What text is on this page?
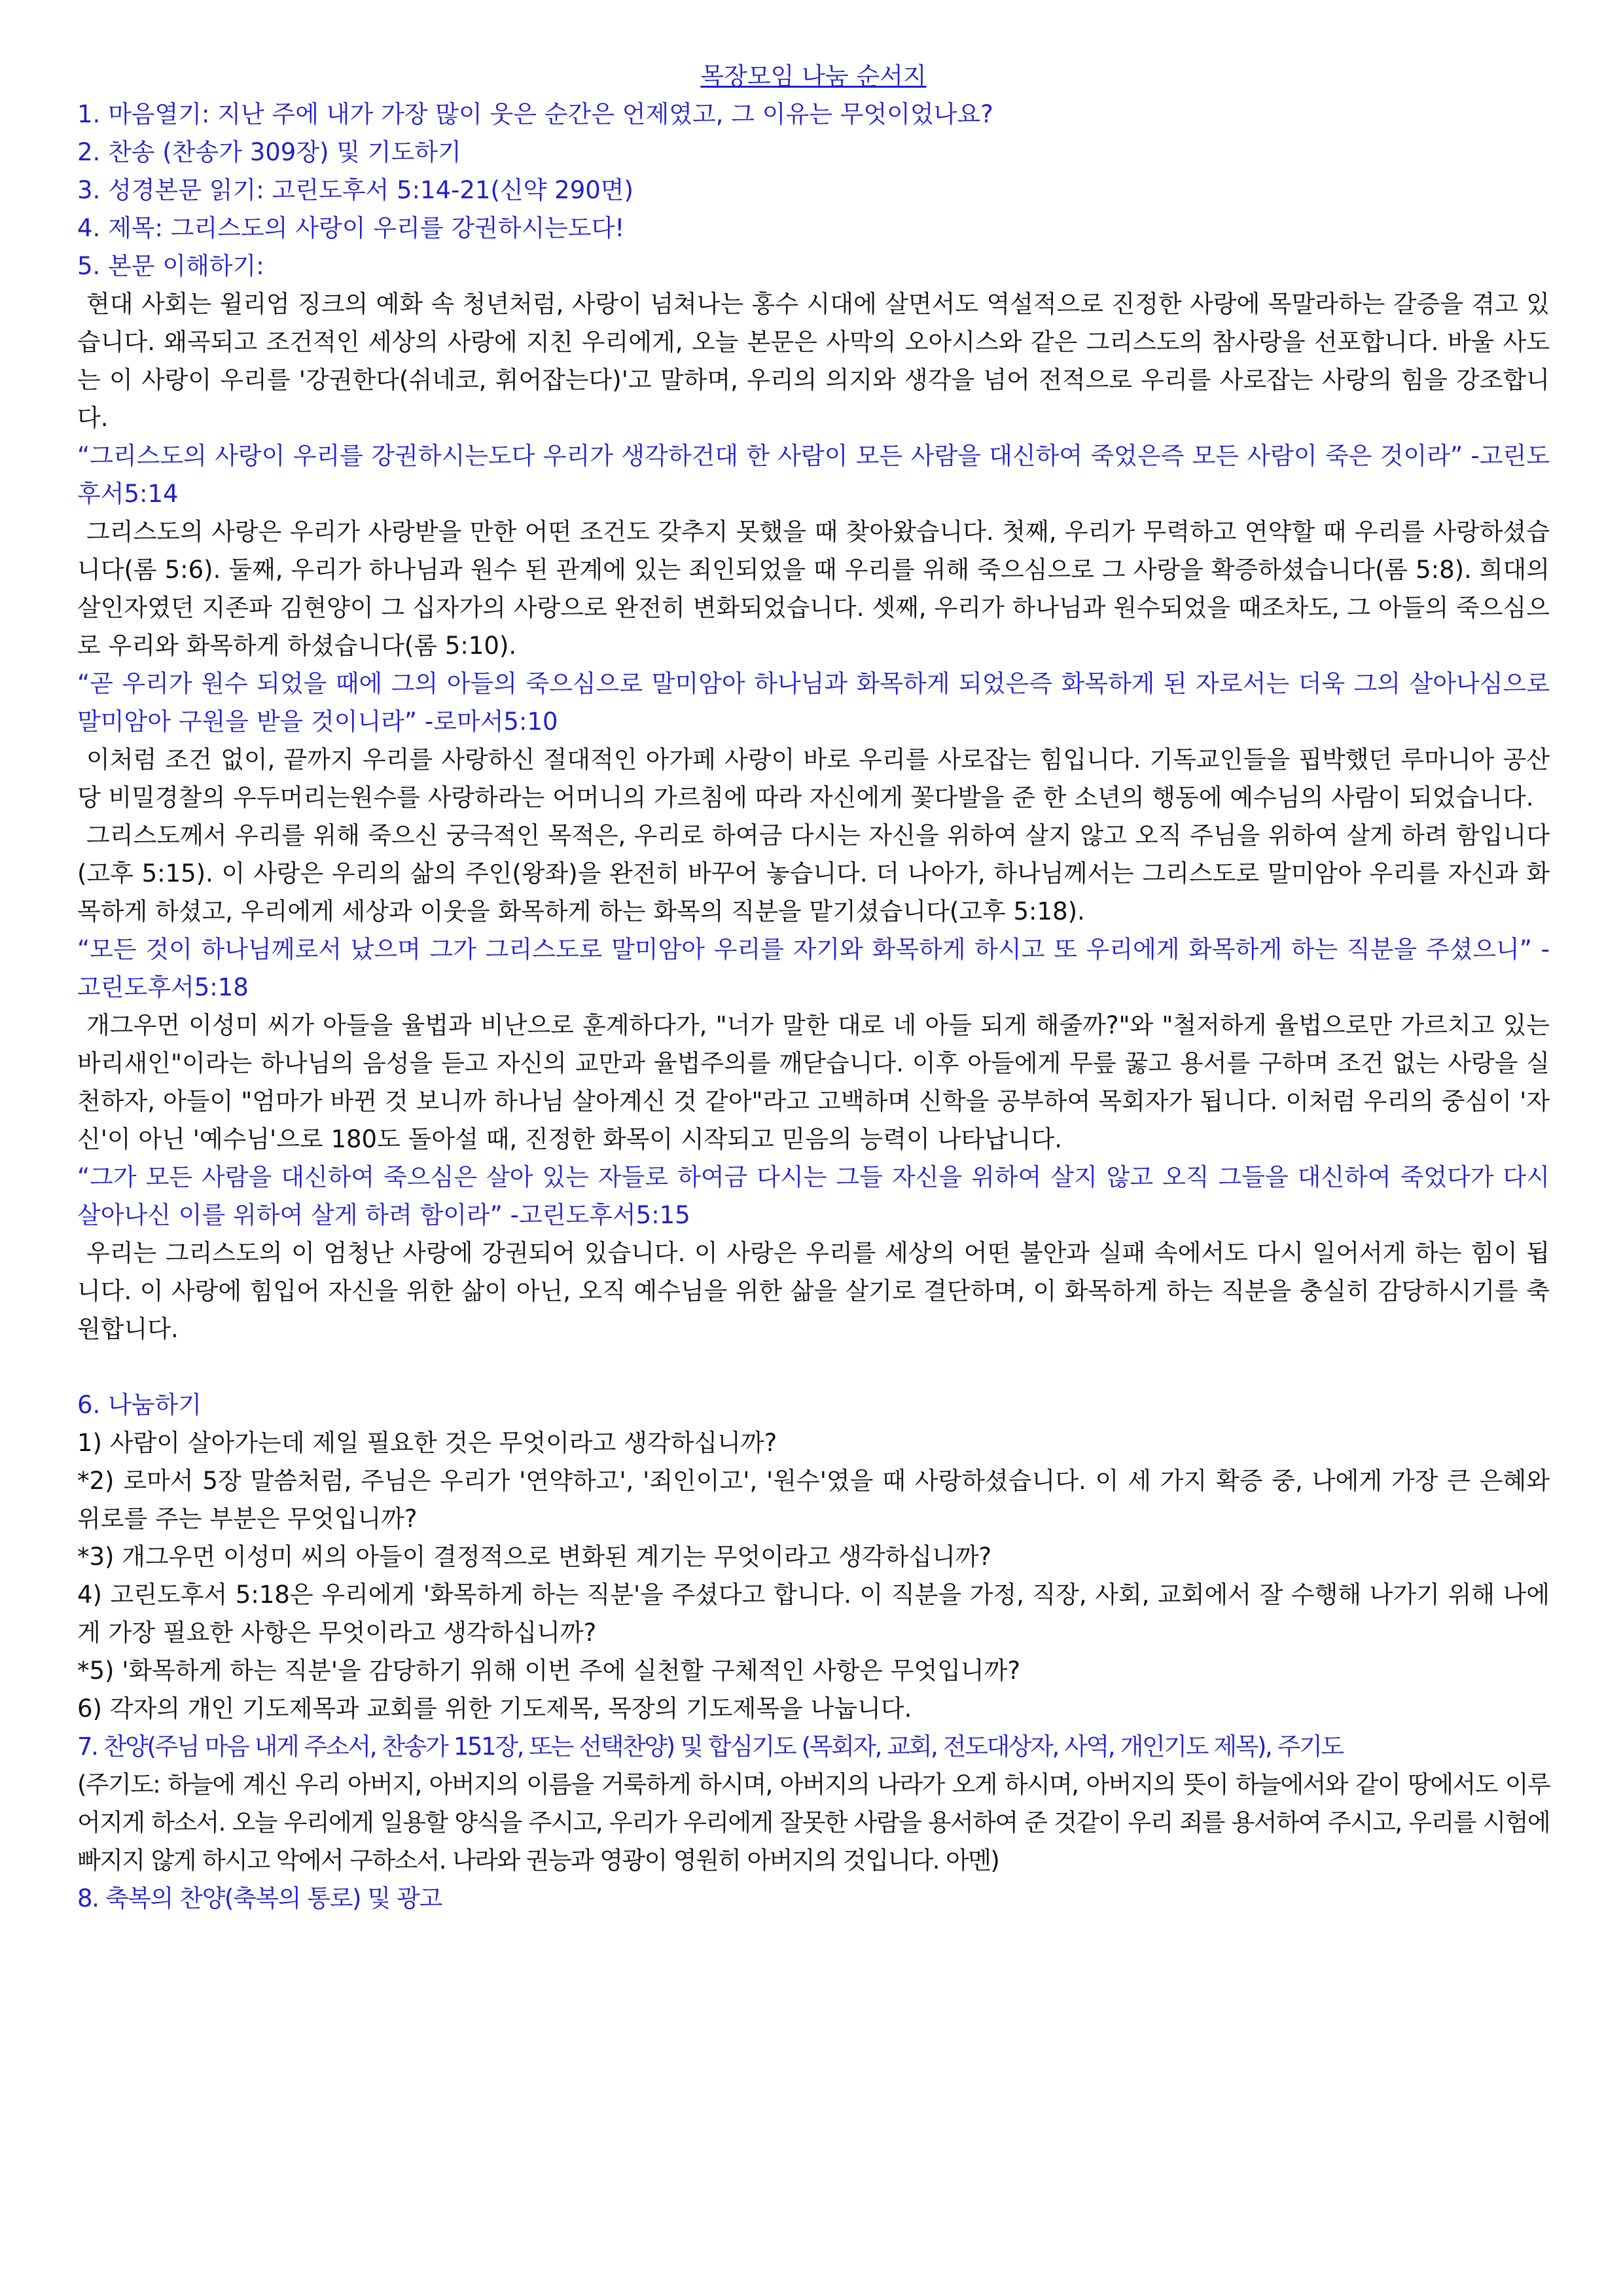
목장모임 나눔 순서지

1. 마음열기: 지난 주에 내가 가장 많이 웃은 순간은 언제였고, 그 이유는 무엇이었나요?

2. 찬송 (찬송가 309장) 및 기도하기

3. 성경본문 읽기: 고린도후서 5:14-21(신약 290면)

4. 제목: 그리스도의 사랑이 우리를 강권하시는도다!

5. 본문 이해하기:

현대 사회는 윌리엄 징크의 예화 속 청년처럼, 사랑이 넘쳐나는 홍수 시대에 살면서도 역설적으로 진정한 사랑에 목말라하는 갈증을 겪고 있습니다. 왜곡되고 조건적인 세상의 사랑에 지친 우리에게, 오늘 본문은 사막의 오아시스와 같은 그리스도의 참사랑을 선포합니다. 바울 사도는 이 사랑이 우리를 '강권한다(쉬네코, 휘어잡는다)'고 말하며, 우리의 의지와 생각을 넘어 전적으로 우리를 사로잡는 사랑의 힘을 강조합니다.

“그리스도의 사랑이 우리를 강권하시는도다 우리가 생각하건대 한 사람이 모든 사람을 대신하여 죽었은즉 모든 사람이 죽은 것이라” -고린도후서5:14

그리스도의 사랑은 우리가 사랑받을 만한 어떤 조건도 갖추지 못했을 때 찾아왔습니다. 첫째, 우리가 무력하고 연약할 때 우리를 사랑하셨습니다(롬 5:6). 둘째, 우리가 하나님과 원수 된 관계에 있는 죄인되었을 때 우리를 위해 죽으심으로 그 사랑을 확증하셨습니다(롬 5:8). 희대의 살인자였던 지존파 김현양이 그 십자가의 사랑으로 완전히 변화되었습니다. 셋째, 우리가 하나님과 원수되었을 때조차도, 그 아들의 죽으심으로 우리와 화목하게 하셨습니다(롬 5:10).

“곧 우리가 원수 되었을 때에 그의 아들의 죽으심으로 말미암아 하나님과 화목하게 되었은즉 화목하게 된 자로서는 더욱 그의 살아나심으로 말미암아 구원을 받을 것이니라” -로마서5:10

이처럼 조건 없이, 끝까지 우리를 사랑하신 절대적인 아가페 사랑이 바로 우리를 사로잡는 힘입니다. 기독교인들을 핍박했던 루마니아 공산당 비밀경찰의 우두머리는원수를 사랑하라는 어머니의 가르침에 따라 자신에게 꽃다발을 준 한 소년의 행동에 예수님의 사람이 되었습니다.

그리스도께서 우리를 위해 죽으신 궁극적인 목적은, 우리로 하여금 다시는 자신을 위하여 살지 않고 오직 주님을 위하여 살게 하려 함입니다(고후 5:15). 이 사랑은 우리의 삶의 주인(왕좌)을 완전히 바꾸어 놓습니다. 더 나아가, 하나님께서는 그리스도로 말미암아 우리를 자신과 화목하게 하셨고, 우리에게 세상과 이웃을 화목하게 하는 화목의 직분을 맡기셨습니다(고후 5:18).

“모든 것이 하나님께로서 났으며 그가 그리스도로 말미암아 우리를 자기와 화목하게 하시고 또 우리에게 화목하게 하는 직분을 주셨으니” -고린도후서5:18

개그우먼 이성미 씨가 아들을 율법과 비난으로 훈계하다가, "너가 말한 대로 네 아들 되게 해줄까?"와 "철저하게 율법으로만 가르치고 있는 바리새인"이라는 하나님의 음성을 듣고 자신의 교만과 율법주의를 깨닫습니다. 이후 아들에게 무릎 꿇고 용서를 구하며 조건 없는 사랑을 실천하자, 아들이 "엄마가 바뀐 것 보니까 하나님 살아계신 것 같아"라고 고백하며 신학을 공부하여 목회자가 됩니다. 이처럼 우리의 중심이 '자신'이 아닌 '예수님'으로 180도 돌아설 때, 진정한 화목이 시작되고 믿음의 능력이 나타납니다.

“그가 모든 사람을 대신하여 죽으심은 살아 있는 자들로 하여금 다시는 그들 자신을 위하여 살지 않고 오직 그들을 대신하여 죽었다가 다시 살아나신 이를 위하여 살게 하려 함이라” -고린도후서5:15

우리는 그리스도의 이 엄청난 사랑에 강권되어 있습니다. 이 사랑은 우리를 세상의 어떤 불안과 실패 속에서도 다시 일어서게 하는 힘이 됩니다. 이 사랑에 힘입어 자신을 위한 삶이 아닌, 오직 예수님을 위한 삶을 살기로 결단하며, 이 화목하게 하는 직분을 충실히 감당하시기를 축원합니다.

6. 나눔하기

1) 사람이 살아가는데 제일 필요한 것은 무엇이라고 생각하십니까?

*2) 로마서 5장 말씀처럼, 주님은 우리가 '연약하고', '죄인이고', '원수'였을 때 사랑하셨습니다. 이 세 가지 확증 중, 나에게 가장 큰 은혜와 위로를 주는 부분은 무엇입니까?

*3) 개그우먼 이성미 씨의 아들이 결정적으로 변화된 계기는 무엇이라고 생각하십니까?

4) 고린도후서 5:18은 우리에게 '화목하게 하는 직분'을 주셨다고 합니다. 이 직분을 가정, 직장, 사회, 교회에서 잘 수행해 나가기 위해 나에게 가장 필요한 사항은 무엇이라고 생각하십니까?

*5) '화목하게 하는 직분'을 감당하기 위해 이번 주에 실천할 구체적인 사항은 무엇입니까?

6) 각자의 개인 기도제목과 교회를 위한 기도제목, 목장의 기도제목을 나눕니다.

7. 찬양(주님 마음 내게 주소서, 찬송가 151장, 또는 선택찬양) 및 합심기도 (목회자, 교회, 전도대상자, 사역, 개인기도 제목), 주기도

(주기도: 하늘에 계신 우리 아버지, 아버지의 이름을 거룩하게 하시며, 아버지의 나라가 오게 하시며, 아버지의 뜻이 하늘에서와 같이 땅에서도 이루어지게 하소서. 오늘 우리에게 일용할 양식을 주시고, 우리가 우리에게 잘못한 사람을 용서하여 준 것같이 우리 죄를 용서하여 주시고, 우리를 시험에 빠지지 않게 하시고 악에서 구하소서. 나라와 권능과 영광이 영원히 아버지의 것입니다. 아멘)

8. 축복의 찬양(축복의 통로) 및 광고
